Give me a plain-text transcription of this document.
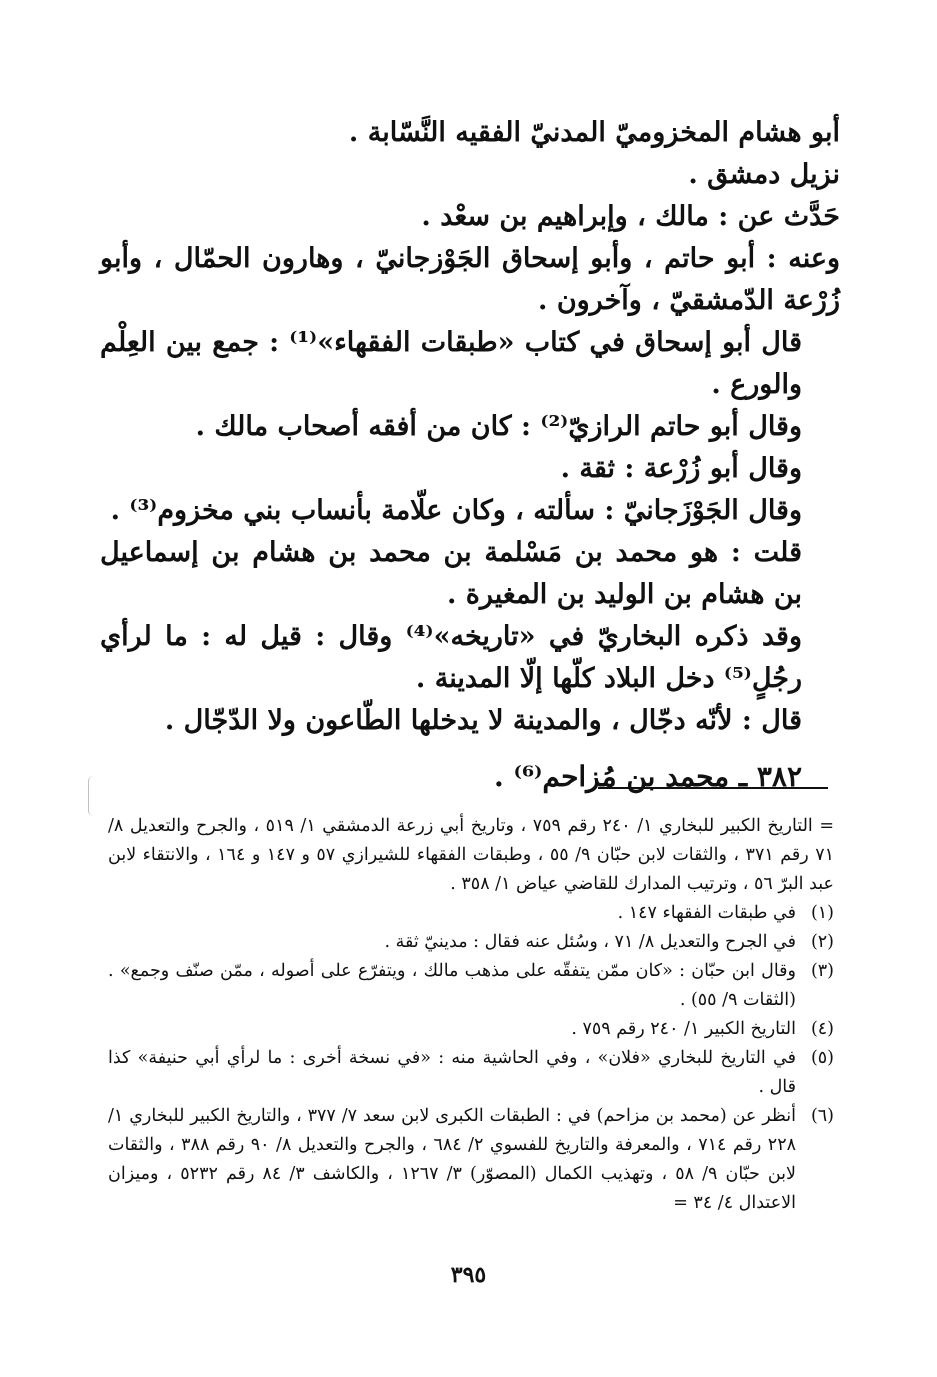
أبو هشام المخزوميّ المدنيّ الفقيه النَّسّابة .

نزيل دمشق .

حَدَّث عن : مالك ، وإبراهيم بن سعْد .

وعنه : أبو حاتم ، وأبو إسحاق الجَوْزجانيّ ، وهارون الحمّال ، وأبو زُرْعة الدّمشقيّ ، وآخرون .

قال أبو إسحاق في كتاب «طبقات الفقهاء»⁽¹⁾ : جمع بين العِلْم والورع .

وقال أبو حاتم الرازيّ⁽²⁾ : كان من أفقه أصحاب مالك .

وقال أبو زُرْعة : ثقة .

وقال الجَوْزَجانيّ : سألته ، وكان علّامة بأنساب بني مخزوم⁽³⁾ .

قلت : هو محمد بن مَسْلمة بن محمد بن هشام بن إسماعيل بن هشام بن الوليد بن المغيرة .

وقد ذكره البخاريّ في «تاريخه»⁽⁴⁾ وقال : قيل له : ما لرأي رجُلٍ⁽⁵⁾ دخل البلاد كلّها إلّا المدينة .

قال : لأنّه دجّال ، والمدينة لا يدخلها الطّاعون ولا الدّجّال .

٣٨٢ ـ محمد بن مُزاحم⁽⁶⁾ .

= التاريخ الكبير للبخاري ١/ ٢٤٠ رقم ٧٥٩ ، وتاريخ أبي زرعة الدمشقي ١/ ٥١٩ ، والجرح والتعديل ٨/ ٧١ رقم ٣٧١ ، والثقات لابن حبّان ٩/ ٥٥ ، وطبقات الفقهاء للشيرازي ٥٧ و ١٤٧ و ١٦٤ ، والانتقاء لابن عبد البرّ ٥٦ ، وترتيب المدارك للقاضي عياض ١/ ٣٥٨ .

(١)
في طبقات الفقهاء ١٤٧ .
(٢)
في الجرح والتعديل ٨/ ٧١ ، وسُئل عنه فقال : مدينيّ ثقة .
(٣)
وقال ابن حبّان : «كان ممّن يتفقّه على مذهب مالك ، ويتفرّع على أصوله ، ممّن صنّف وجمع» . (الثقات ٩/ ٥٥) .
(٤)
التاريخ الكبير ١/ ٢٤٠ رقم ٧٥٩ .
(٥)
في التاريخ للبخاري «فلان» ، وفي الحاشية منه : «في نسخة أخرى : ما لرأي أبي حنيفة» كذا قال .
(٦)
أنظر عن (محمد بن مزاحم) في : الطبقات الكبرى لابن سعد ٧/ ٣٧٧ ، والتاريخ الكبير للبخاري ١/ ٢٢٨ رقم ٧١٤ ، والمعرفة والتاريخ للفسوي ٢/ ٦٨٤ ، والجرح والتعديل ٨/ ٩٠ رقم ٣٨٨ ، والثقات لابن حبّان ٩/ ٥٨ ، وتهذيب الكمال (المصوّر) ٣/ ١٢٦٧ ، والكاشف ٣/ ٨٤ رقم ٥٢٣٢ ، وميزان الاعتدال ٤/ ٣٤ =
٣٩٥
